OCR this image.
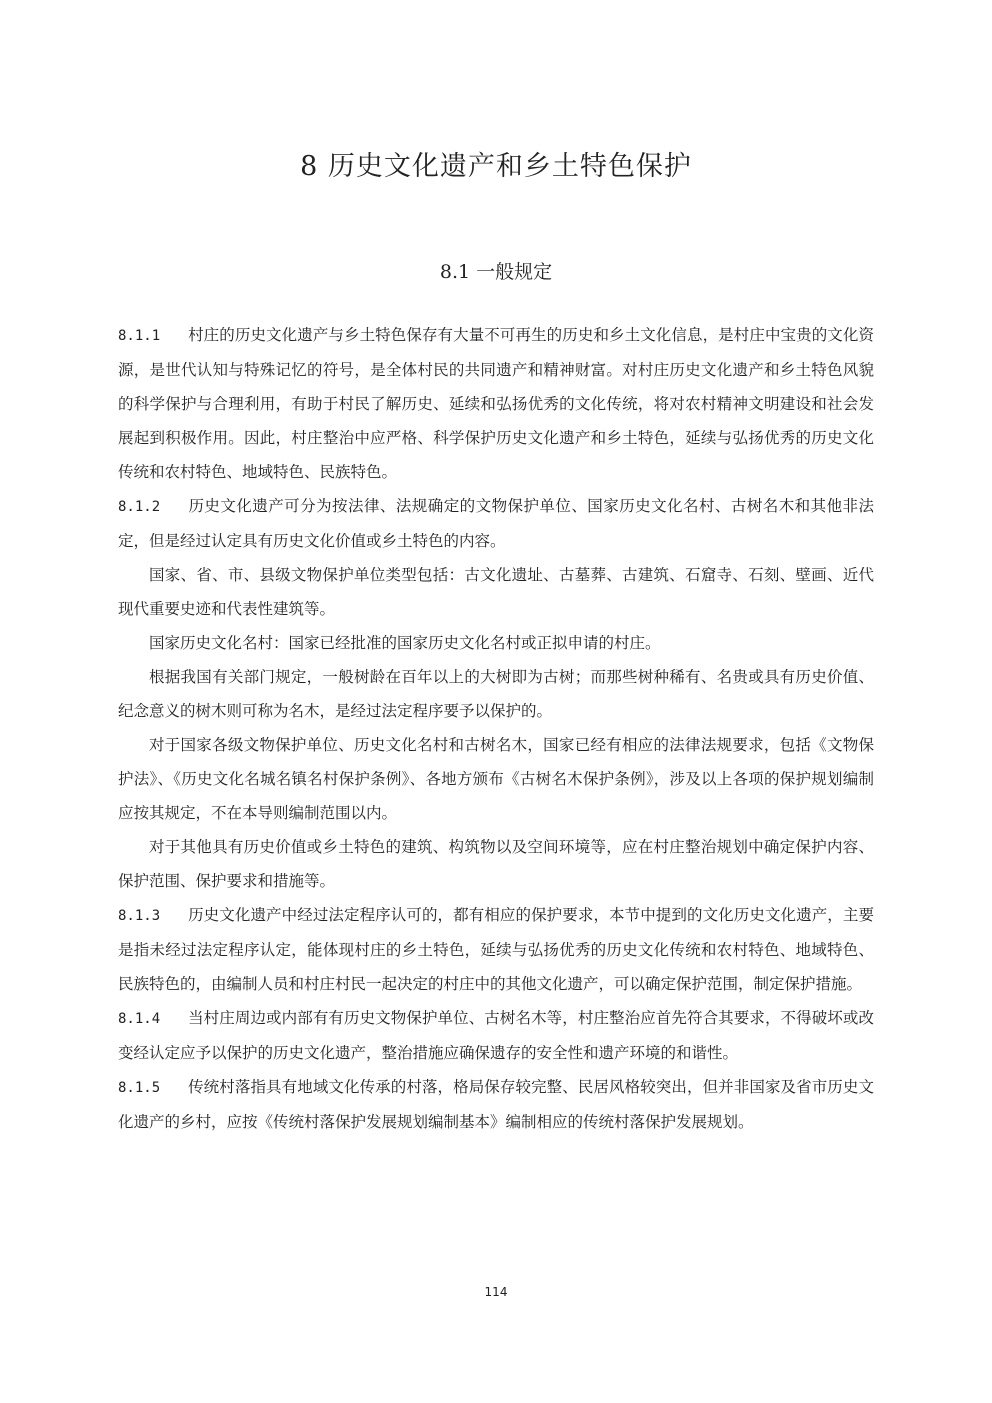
8 历史文化遗产和乡土特色保护
8.1 一般规定

8.1.1 村庄的历史文化遗产与乡土特色保存有大量不可再生的历史和乡土文化信息，是村庄中宝贵的文化资源，是世代认知与特殊记忆的符号，是全体村民的共同遗产和精神财富。对村庄历史文化遗产和乡土特色风貌的科学保护与合理利用，有助于村民了解历史、延续和弘扬优秀的文化传统，将对农村精神文明建设和社会发展起到积极作用。因此，村庄整治中应严格、科学保护历史文化遗产和乡土特色，延续与弘扬优秀的历史文化传统和农村特色、地域特色、民族特色。

8.1.2 历史文化遗产可分为按法律、法规确定的文物保护单位、国家历史文化名村、古树名木和其他非法定，但是经过认定具有历史文化价值或乡土特色的内容。

国家、省、市、县级文物保护单位类型包括：古文化遗址、古墓葬、古建筑、石窟寺、石刻、壁画、近代现代重要史迹和代表性建筑等。

国家历史文化名村：国家已经批准的国家历史文化名村或正拟申请的村庄。

根据我国有关部门规定，一般树龄在百年以上的大树即为古树；而那些树种稀有、名贵或具有历史价值、纪念意义的树木则可称为名木，是经过法定程序要予以保护的。

对于国家各级文物保护单位、历史文化名村和古树名木，国家已经有相应的法律法规要求，包括《文物保护法》、《历史文化名城名镇名村保护条例》、各地方颁布《古树名木保护条例》，涉及以上各项的保护规划编制应按其规定，不在本导则编制范围以内。

对于其他具有历史价值或乡土特色的建筑、构筑物以及空间环境等，应在村庄整治规划中确定保护内容、保护范围、保护要求和措施等。

8.1.3 历史文化遗产中经过法定程序认可的，都有相应的保护要求，本节中提到的文化历史文化遗产，主要是指未经过法定程序认定，能体现村庄的乡土特色，延续与弘扬优秀的历史文化传统和农村特色、地域特色、民族特色的，由编制人员和村庄村民一起决定的村庄中的其他文化遗产，可以确定保护范围，制定保护措施。

8.1.4 当村庄周边或内部有有历史文物保护单位、古树名木等，村庄整治应首先符合其要求，不得破坏或改变经认定应予以保护的历史文化遗产，整治措施应确保遗存的安全性和遗产环境的和谐性。

8.1.5 传统村落指具有地域文化传承的村落，格局保存较完整、民居风格较突出，但并非国家及省市历史文化遗产的乡村，应按《传统村落保护发展规划编制基本》编制相应的传统村落保护发展规划。

114
